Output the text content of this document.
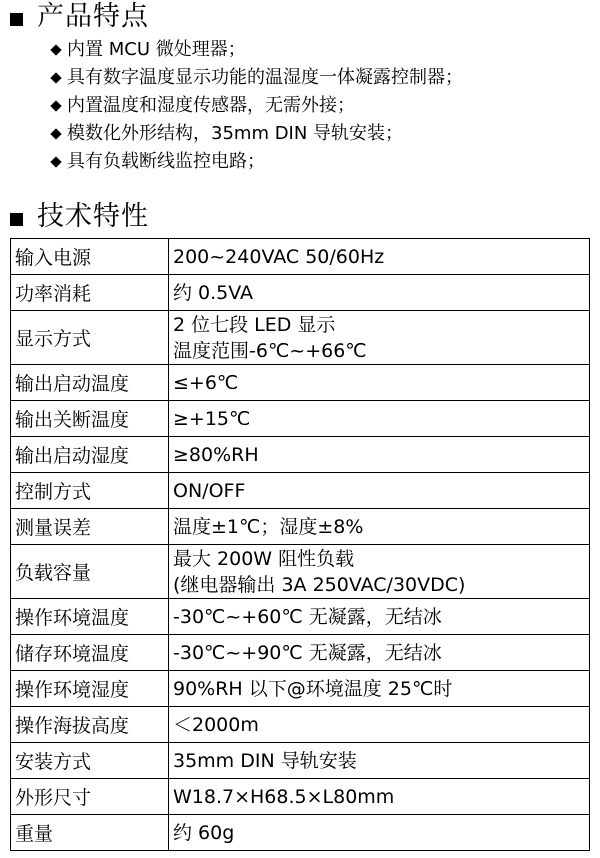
产品特点
内置 MCU 微处理器；
具有数字温度显示功能的温湿度一体凝露控制器；
内置温度和湿度传感器，无需外接；
模数化外形结构，35mm DIN 导轨安装；
具有负载断线监控电路；
技术特性
输入电源	200~240VAC 50/60Hz

功率消耗	约 0.5VA

显示方式	2 位七段 LED 显示
温度范围-6℃~+66℃

输出启动温度	≤+6℃

输出关断温度	≥+15℃

输出启动湿度	≥80%RH

控制方式	ON/OFF

测量误差	温度±1℃；湿度±8%

负载容量	最大 200W 阻性负载
(继电器输出 3A 250VAC/30VDC)

操作环境温度	-30℃~+60℃ 无凝露，无结冰

储存环境温度	-30℃~+90℃ 无凝露，无结冰

操作环境湿度	90%RH 以下@环境温度 25℃时

操作海拔高度	＜2000m

安装方式	35mm DIN 导轨安装

外形尺寸	W18.7×H68.5×L80mm

重量	约 60g
